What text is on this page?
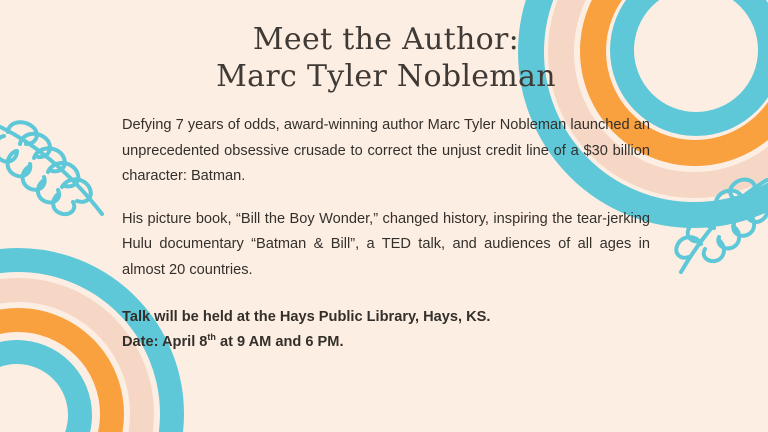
Meet the Author:
Marc Tyler Nobleman

Defying 7 years of odds, award-winning author Marc Tyler Nobleman launched an unprecedented obsessive crusade to correct the unjust credit line of a $30 billion character: Batman.

His picture book, “Bill the Boy Wonder,” changed history, inspiring the tear-jerking Hulu documentary “Batman & Bill”, a TED talk, and audiences of all ages in almost 20 countries.

Talk will be held at the Hays Public Library, Hays, KS.
Date: April 8th at 9 AM and 6 PM.
